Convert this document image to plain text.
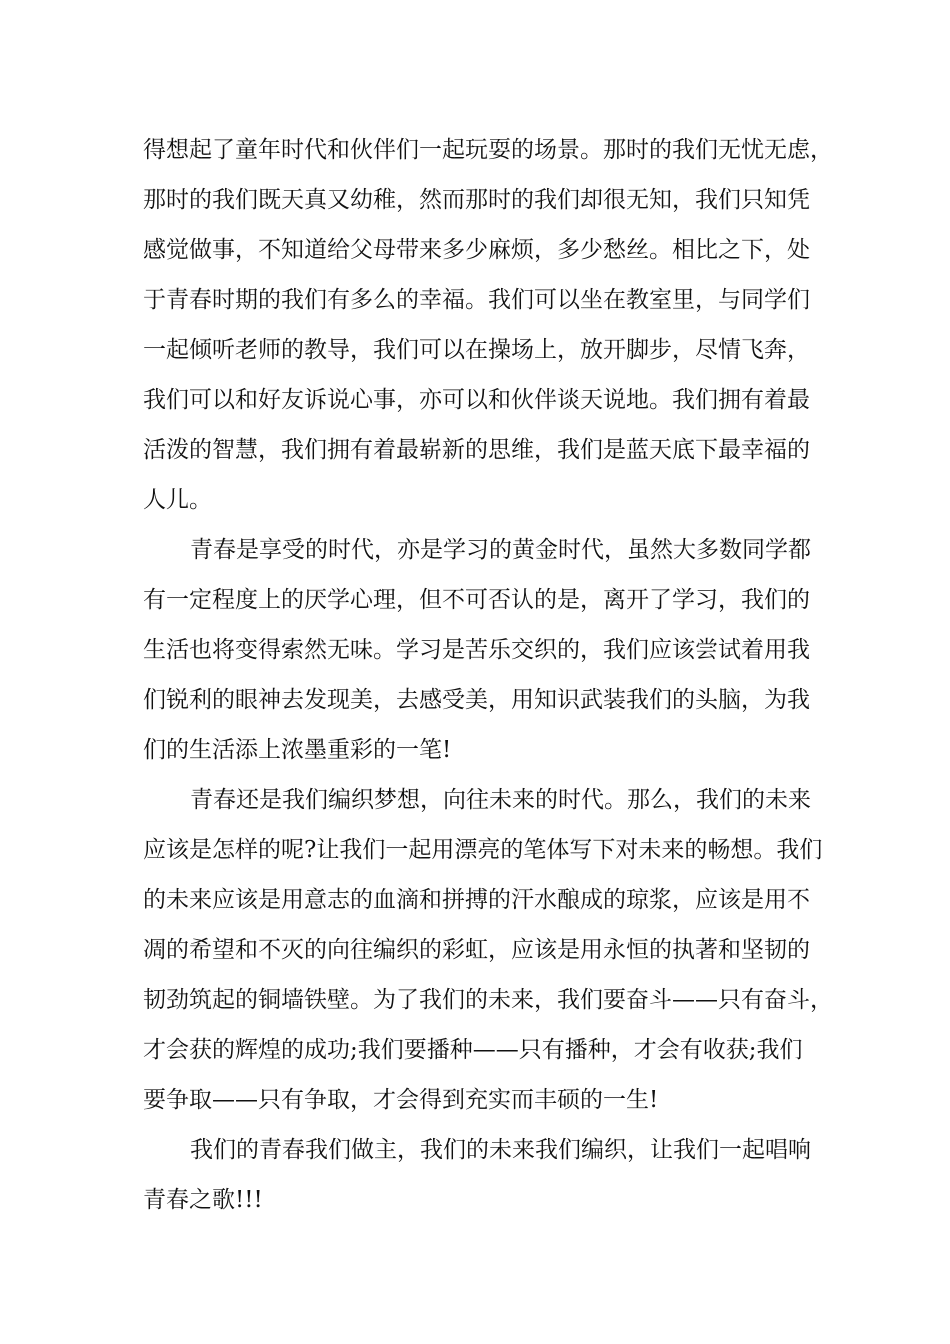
得想起了童年时代和伙伴们一起玩耍的场景。那时的我们无忧无虑，
那时的我们既天真又幼稚，然而那时的我们却很无知，我们只知凭
感觉做事，不知道给父母带来多少麻烦，多少愁丝。相比之下，处
于青春时期的我们有多么的幸福。我们可以坐在教室里，与同学们
一起倾听老师的教导，我们可以在操场上，放开脚步，尽情飞奔，
我们可以和好友诉说心事，亦可以和伙伴谈天说地。我们拥有着最
活泼的智慧，我们拥有着最崭新的思维，我们是蓝天底下最幸福的
人儿。
青春是享受的时代，亦是学习的黄金时代，虽然大多数同学都
有一定程度上的厌学心理，但不可否认的是，离开了学习，我们的
生活也将变得索然无味。学习是苦乐交织的，我们应该尝试着用我
们锐利的眼神去发现美，去感受美，用知识武装我们的头脑，为我
们的生活添上浓墨重彩的一笔!
青春还是我们编织梦想，向往未来的时代。那么，我们的未来
应该是怎样的呢?让我们一起用漂亮的笔体写下对未来的畅想。我们
的未来应该是用意志的血滴和拼搏的汗水酿成的琼浆，应该是用不
凋的希望和不灭的向往编织的彩虹，应该是用永恒的执著和坚韧的
韧劲筑起的铜墙铁壁。为了我们的未来，我们要奋斗——只有奋斗，
才会获的辉煌的成功;我们要播种——只有播种，才会有收获;我们
要争取——只有争取，才会得到充实而丰硕的一生!
我们的青春我们做主，我们的未来我们编织，让我们一起唱响
青春之歌!!!
